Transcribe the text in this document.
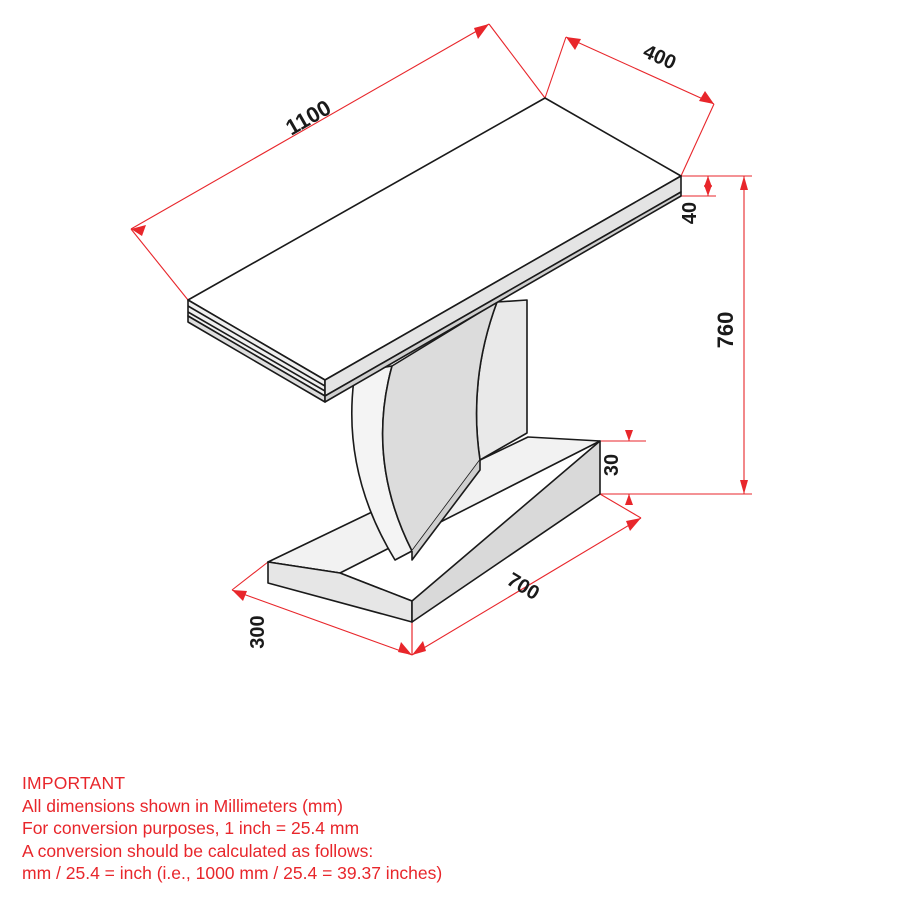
1100
400
40
760
30
700
300
IMPORTANT
All dimensions shown in Millimeters (mm)
For conversion purposes, 1 inch = 25.4 mm
A conversion should be calculated as follows:
mm / 25.4 = inch (i.e., 1000 mm / 25.4 = 39.37 inches)
